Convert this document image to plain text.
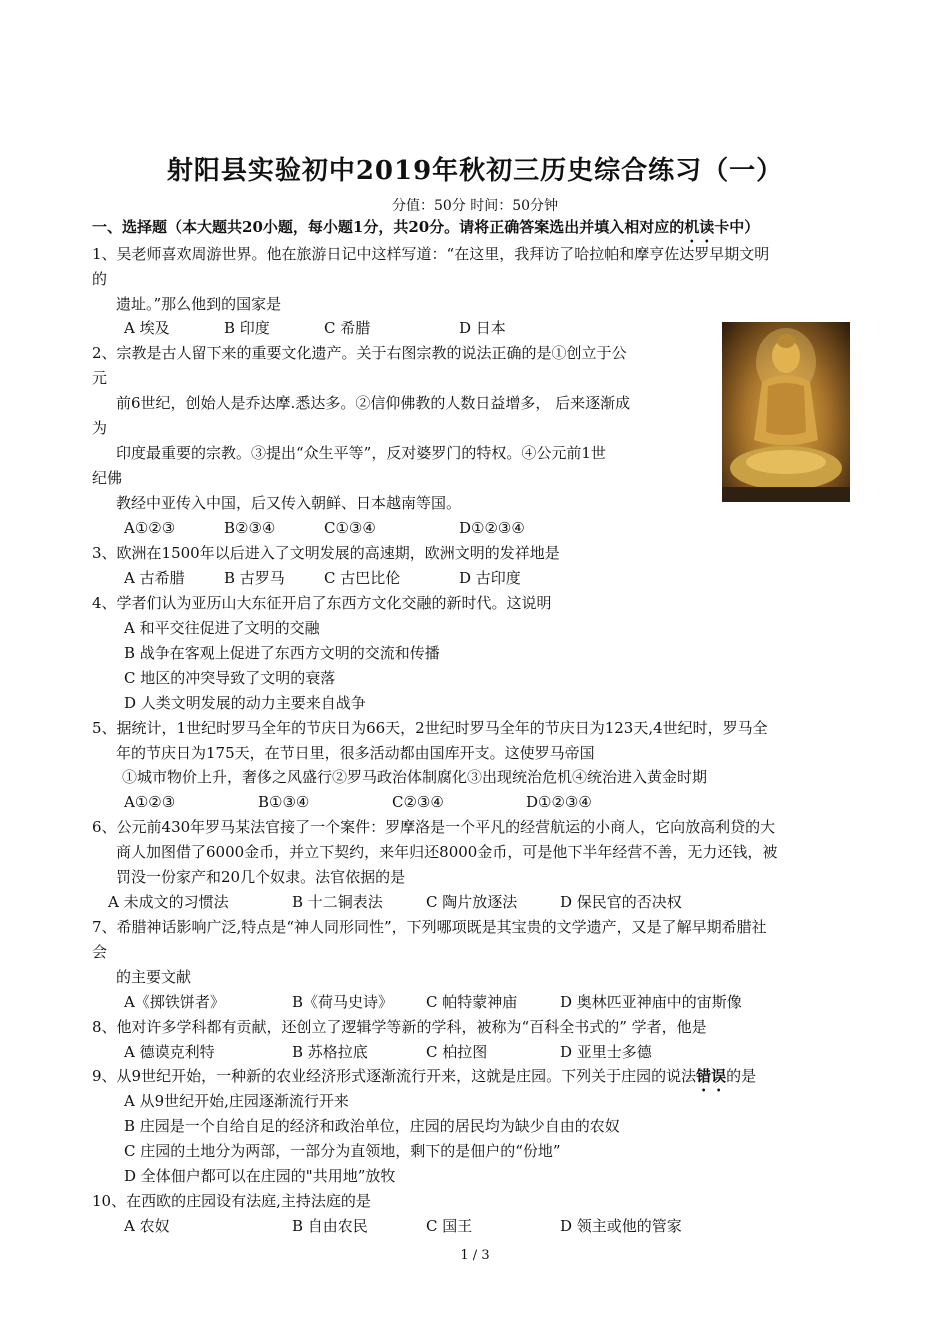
射阳县实验初中2019年秋初三历史综合练习（一）
分值：50分 时间：50分钟
一、选择题（本大题共20小题，每小题1分，共20分。请将正确答案选出并填入相对应的机读卡中）
1、吴老师喜欢周游世界。他在旅游日记中这样写道：“在这里，我拜访了哈拉帕和摩亨佐达罗早期文明
的
遗址。”那么他到的国家是
A 埃及	B 印度	C 希腊	D 日本
2、宗教是古人留下来的重要文化遗产。关于右图宗教的说法正确的是①创立于公
元
前6世纪，创始人是乔达摩.悉达多。②信仰佛教的人数日益增多， 后来逐渐成
为
印度最重要的宗教。③提出“众生平等”，反对婆罗门的特权。④公元前1世
纪佛
教经中亚传入中国，后又传入朝鲜、日本越南等国。
A①②③	B②③④	C①③④	D①②③④
3、欧洲在1500年以后进入了文明发展的高速期，欧洲文明的发祥地是
A 古希腊	B 古罗马	C 古巴比伦	D 古印度
4、学者们认为亚历山大东征开启了东西方文化交融的新时代。这说明
A 和平交往促进了文明的交融
B 战争在客观上促进了东西方文明的交流和传播
C 地区的冲突导致了文明的衰落
D 人类文明发展的动力主要来自战争
5、据统计，1世纪时罗马全年的节庆日为66天，2世纪时罗马全年的节庆日为123天,4世纪时，罗马全
年的节庆日为175天，在节日里，很多活动都由国库开支。这使罗马帝国
①城市物价上升，奢侈之风盛行②罗马政治体制腐化③出现统治危机④统治进入黄金时期
A①②③	B①③④	C②③④	D①②③④
6、公元前430年罗马某法官接了一个案件：罗摩洛是一个平凡的经营航运的小商人，它向放高利贷的大
商人加图借了6000金币，并立下契约，来年归还8000金币，可是他下半年经营不善，无力还钱，被
罚没一份家产和20几个奴隶。法官依据的是
A 未成文的习惯法	B 十二铜表法	C 陶片放逐法	D 保民官的否决权
7、希腊神话影响广泛,特点是“神人同形同性”，下列哪项既是其宝贵的文学遗产，又是了解早期希腊社
会
的主要文献
A《掷铁饼者》	B《荷马史诗》 C 帕特蒙神庙	D 奥林匹亚神庙中的宙斯像
8、他对许多学科都有贡献，还创立了逻辑学等新的学科，被称为“百科全书式的” 学者，他是
A 德谟克利特	B 苏格拉底	C 柏拉图	D 亚里士多德
9、从9世纪开始，一种新的农业经济形式逐渐流行开来，这就是庄园。下列关于庄园的说法错误的是
A 从9世纪开始,庄园逐渐流行开来
B 庄园是一个自给自足的经济和政治单位，庄园的居民均为缺少自由的农奴
C 庄园的土地分为两部，一部分为直领地，剩下的是佃户的“份地”
D 全体佃户都可以在庄园的"共用地”放牧
10、在西欧的庄园设有法庭,主持法庭的是
A 农奴	B 自由农民	C 国王	D 领主或他的管家
1 / 3
